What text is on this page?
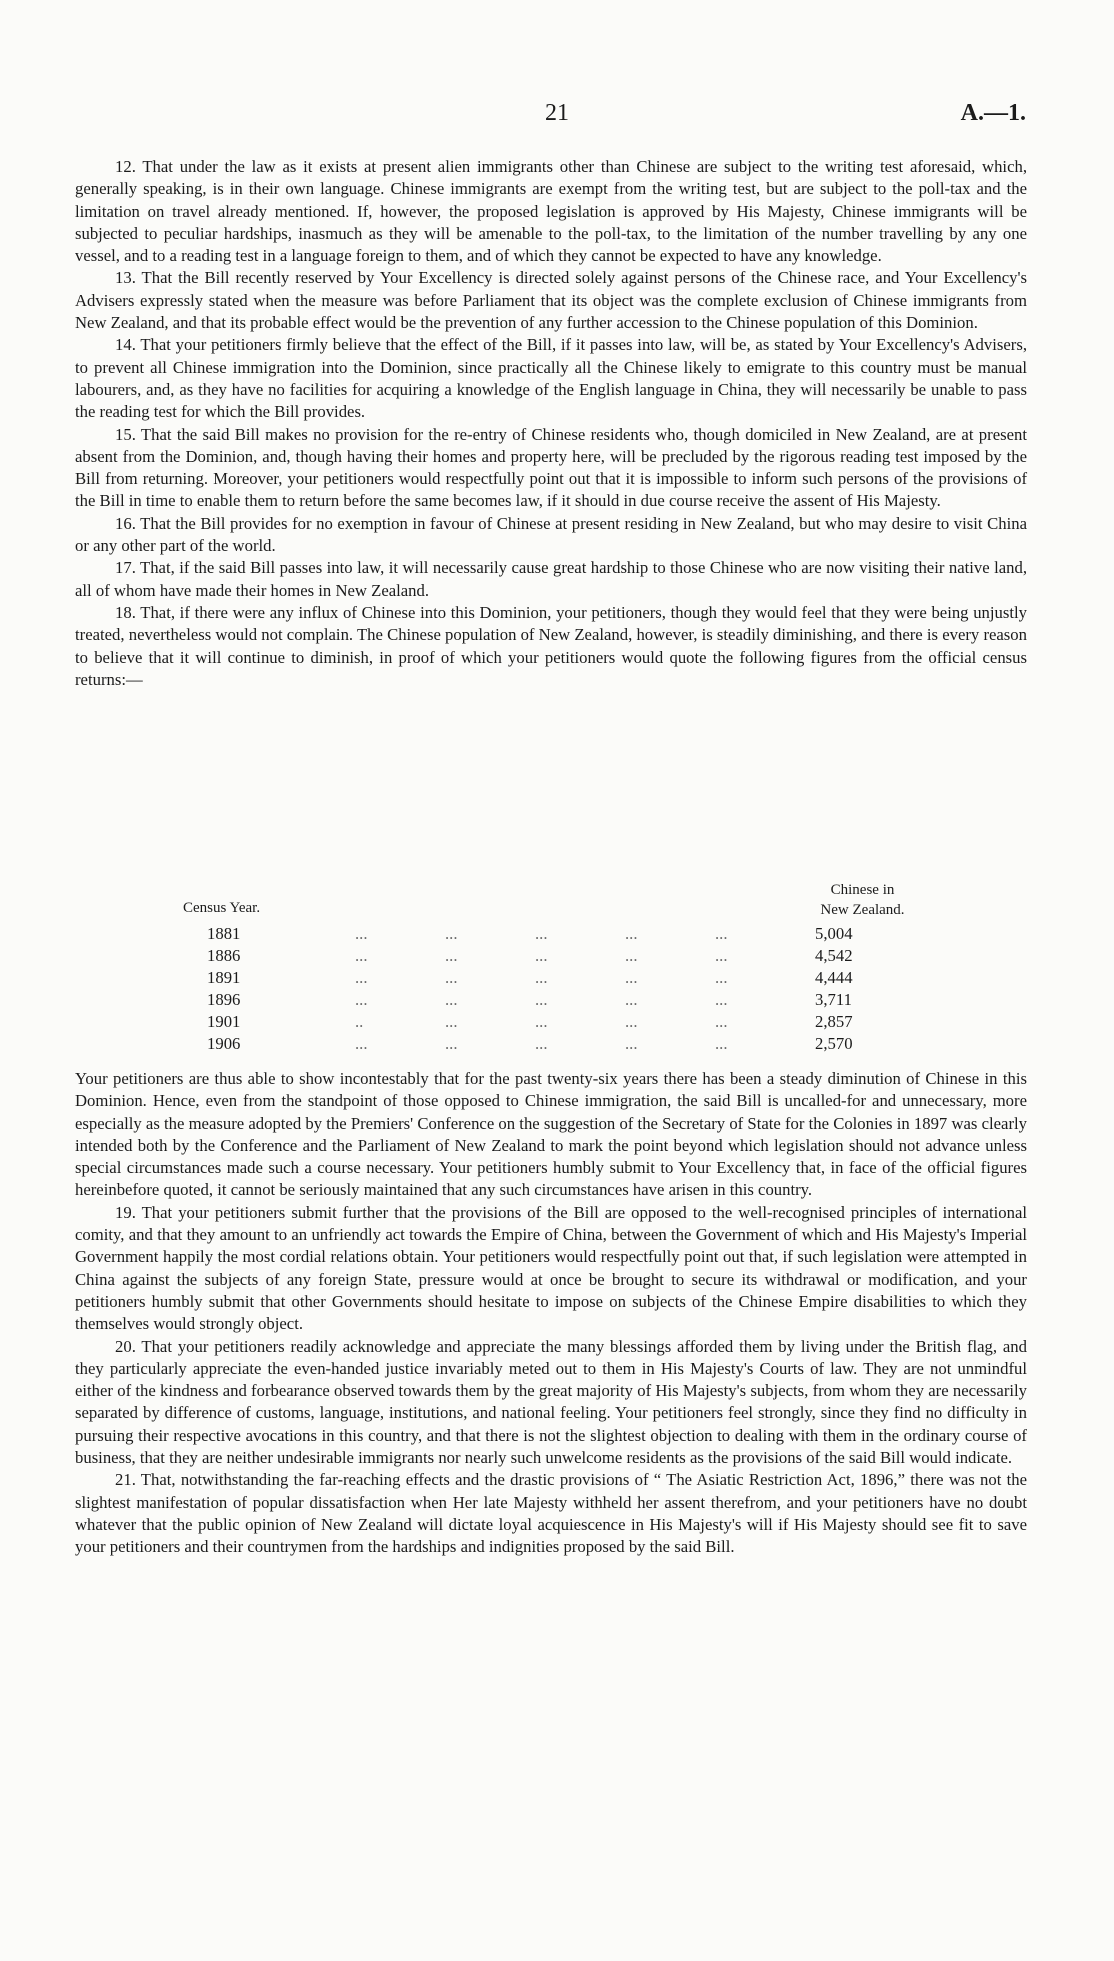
21	A.—1.

12. That under the law as it exists at present alien immigrants other than Chinese are subject to the writing test aforesaid, which, generally speaking, is in their own language. Chinese immigrants are exempt from the writing test, but are subject to the poll-tax and the limitation on travel already mentioned. If, however, the proposed legislation is approved by His Majesty, Chinese immigrants will be subjected to peculiar hardships, inasmuch as they will be amenable to the poll-tax, to the limitation of the number travelling by any one vessel, and to a reading test in a language foreign to them, and of which they cannot be expected to have any knowledge.

13. That the Bill recently reserved by Your Excellency is directed solely against persons of the Chinese race, and Your Excellency's Advisers expressly stated when the measure was before Parliament that its object was the complete exclusion of Chinese immigrants from New Zealand, and that its probable effect would be the prevention of any further accession to the Chinese population of this Dominion.

14. That your petitioners firmly believe that the effect of the Bill, if it passes into law, will be, as stated by Your Excellency's Advisers, to prevent all Chinese immigration into the Dominion, since practically all the Chinese likely to emigrate to this country must be manual labourers, and, as they have no facilities for acquiring a knowledge of the English language in China, they will necessarily be unable to pass the reading test for which the Bill provides.

15. That the said Bill makes no provision for the re-entry of Chinese residents who, though domiciled in New Zealand, are at present absent from the Dominion, and, though having their homes and property here, will be precluded by the rigorous reading test imposed by the Bill from returning. Moreover, your petitioners would respectfully point out that it is impossible to inform such persons of the provisions of the Bill in time to enable them to return before the same becomes law, if it should in due course receive the assent of His Majesty.

16. That the Bill provides for no exemption in favour of Chinese at present residing in New Zealand, but who may desire to visit China or any other part of the world.

17. That, if the said Bill passes into law, it will necessarily cause great hardship to those Chinese who are now visiting their native land, all of whom have made their homes in New Zealand.

18. That, if there were any influx of Chinese into this Dominion, your petitioners, though they would feel that they were being unjustly treated, nevertheless would not complain. The Chinese population of New Zealand, however, is steadily diminishing, and there is every reason to believe that it will continue to diminish, in proof of which your petitioners would quote the following figures from the official census returns:—

Census Year.
Chinese in
New Zealand.
1881	...	...	...	...	...	5,004
1886	...	...	...	...	...	4,542
1891	...	...	...	...	...	4,444
1896	...	...	...	...	...	3,711
1901	..	...	...	...	...	2,857
1906	...	...	...	...	...	2,570

Your petitioners are thus able to show incontestably that for the past twenty-six years there has been a steady diminution of Chinese in this Dominion. Hence, even from the standpoint of those opposed to Chinese immigration, the said Bill is uncalled-for and unnecessary, more especially as the measure adopted by the Premiers' Conference on the suggestion of the Secretary of State for the Colonies in 1897 was clearly intended both by the Conference and the Parliament of New Zealand to mark the point beyond which legislation should not advance unless special circumstances made such a course necessary. Your petitioners humbly submit to Your Excellency that, in face of the official figures hereinbefore quoted, it cannot be seriously maintained that any such circumstances have arisen in this country.

19. That your petitioners submit further that the provisions of the Bill are opposed to the well-recognised principles of international comity, and that they amount to an unfriendly act towards the Empire of China, between the Government of which and His Majesty's Imperial Government happily the most cordial relations obtain. Your petitioners would respectfully point out that, if such legislation were attempted in China against the subjects of any foreign State, pressure would at once be brought to secure its withdrawal or modification, and your petitioners humbly submit that other Governments should hesitate to impose on subjects of the Chinese Empire disabilities to which they themselves would strongly object.

20. That your petitioners readily acknowledge and appreciate the many blessings afforded them by living under the British flag, and they particularly appreciate the even-handed justice invariably meted out to them in His Majesty's Courts of law. They are not unmindful either of the kindness and forbearance observed towards them by the great majority of His Majesty's subjects, from whom they are necessarily separated by difference of customs, language, institutions, and national feeling. Your petitioners feel strongly, since they find no difficulty in pursuing their respective avocations in this country, and that there is not the slightest objection to dealing with them in the ordinary course of business, that they are neither undesirable immigrants nor nearly such unwelcome residents as the provisions of the said Bill would indicate.

21. That, notwithstanding the far-reaching effects and the drastic provisions of “ The Asiatic Restriction Act, 1896,” there was not the slightest manifestation of popular dissatisfaction when Her late Majesty withheld her assent therefrom, and your petitioners have no doubt whatever that the public opinion of New Zealand will dictate loyal acquiescence in His Majesty's will if His Majesty should see fit to save your petitioners and their countrymen from the hardships and indignities proposed by the said Bill.
